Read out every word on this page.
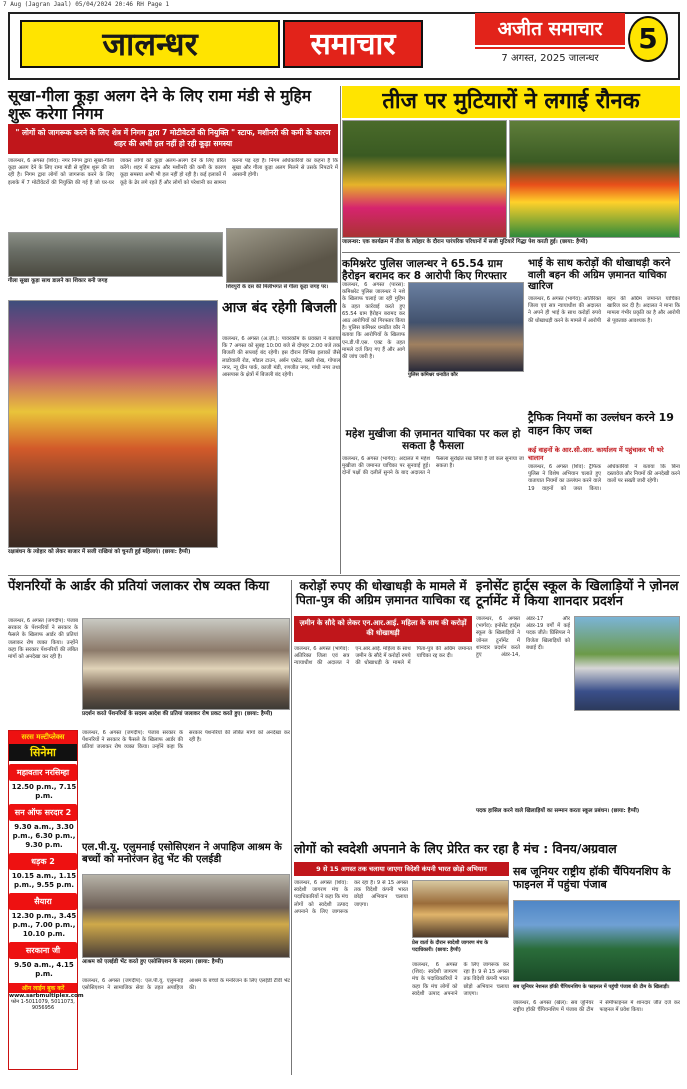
7 Aug (Jagran Jaal) 05/04/2024 20:46 RH Page 1
जालन्धर	समाचार	अजीत समाचार
7 अगस्त, 2025 जालन्धर
5
सूखा-गीला कूड़ा अलग देने के लिए रामा मंडी से मुहिम शुरू करेगा निगम
" लोगों को जागरूक करने के लिए शेत्र में निगम द्वारा 7 मोटीवेटरों की नियुक्ति " स्टाफ, मशीनरी की कमी के कारण शहर की अभी हल नहीं हो रही कूड़ा समस्या
जालन्धर, 6 अगस्त (शिव): नगर निगम द्वारा सूखा-गीला कूड़ा अलग देने के लिए रामा मंडी से मुहिम शुरू की जा रही है। निगम द्वारा लोगों को जागरूक करने के लिए इलाके में 7 मोटीवेटरों की नियुक्ति की गई है जो घर-घर जाकर लोगों को कूड़ा अलग-अलग देने के लिए प्रेरित करेंगे। शहर में स्टाफ और मशीनरी की कमी के कारण कूड़ा समस्या अभी भी हल नहीं हो रही है। कई इलाकों में कूड़े के ढेर लगे रहते हैं और लोगों को परेशानी का सामना करना पड़ रहा है। निगम अधिकारियों का कहना है कि सूखा और गीला कूड़ा अलग मिलने से उसके निपटारे में आसानी होगी।
गीला सूखा कूड़ा साथ डालने का शिकार बनी जगह
शिवपुरी के दस की मिलीभगत से गीला कूड़ा जगह पर।
तीज पर मुटियारों ने लगाई रौनक
जालन्धर: एक कार्यक्रम में तीज के त्योहार के दौरान पारंपरिक परिधानों में सजी मुटियारें गिद्धा पेश करती हुई। (छाया: हैप्पी)
आज बंद रहेगी बिजली
जालन्धर, 6 अगस्त (अ.ज़ी.): पावरकॉम के प्रवक्ता ने बताया कि 7 अगस्त को सुबह 10:00 बजे से दोपहर 2:00 बजे तक बिजली की सप्लाई बंद रहेगी। इस दौरान विभिन्न इलाकों जैसे लाडोवाली रोड, मॉडल टाउन, अर्बन एस्टेट, बस्ती शेख, गोपाल नगर, न्यू ग्रीन पार्क, काजी मंडी, रणजीत नगर, गांधी नगर तथा आसपास के क्षेत्रों में बिजली बंद रहेगी।
रक्षाबंधन के त्योहार को लेकर बाजार में सजी राखियां को चुनती हुई महिलाएं। (छाया: हैप्पी)
कमिश्नरेट पुलिस जालन्धर ने 65.54 ग्राम हैरोइन बरामद कर 8 आरोपी किए गिरफ्तार
पुलिस कमिश्नर धनप्रीत कौर
जालन्धर, 6 अगस्त (पारस): कमिश्नरेट पुलिस जालन्धर ने नशे के खिलाफ चलाई जा रही मुहिम के तहत कार्रवाई करते हुए 65.54 ग्राम हैरोइन बरामद कर आठ आरोपियों को गिरफ्तार किया है। पुलिस कमिश्नर धनप्रीत कौर ने बताया कि आरोपियों के खिलाफ एन.डी.पी.एस. एक्ट के तहत मामले दर्ज किए गए हैं और आगे की जांच जारी है।
भाई के साथ करोड़ों की धोखाधड़ी करने वाली बहन की अग्रिम ज़मानत याचिका खारिज
जालन्धर, 6 अगस्त (भार्गव): अतिरिक्त जिला एवं सत्र न्यायाधीश की अदालत ने अपने ही भाई के साथ करोड़ों रुपये की धोखाधड़ी करने के मामले में आरोपी बहन की अग्रिम जमानत याचिका खारिज कर दी है। अदालत ने माना कि मामला गंभीर प्रकृति का है और आरोपी से पूछताछ आवश्यक है।
ट्रैफिक नियमों का उल्लंघन करने 19 वाहन किए जब्त
कई वाहनों के आर.सी.आर. कार्यालय में पहुंचाकर भी भरे चालान
जालन्धर, 6 अगस्त (शिव): ट्रैफिक पुलिस ने विशेष अभियान चलाते हुए यातायात नियमों का उल्लंघन करने वाले 19 वाहनों को जब्त किया। अधिकारियों ने बताया कि बिना दस्तावेज और नियमों की अनदेखी करने वालों पर सख्ती जारी रहेगी।
महेश मुखीजा की ज़मानत याचिका पर कल हो सकता है फैसला
जालन्धर, 6 अगस्त (भार्गव): अदालत में महेश मुखीजा की जमानत याचिका पर सुनवाई हुई। दोनों पक्षों की दलीलें सुनने के बाद अदालत ने फैसला सुरक्षित रख लिया है जो कल सुनाया जा सकता है।
पेंशनरियों के आर्डर की प्रतियां जलाकर रोष व्यक्त किया
जालन्धर, 6 अगस्त (जगदीप): पंजाब सरकार के पेंशनरियों ने सरकार के फैसले के खिलाफ आर्डर की प्रतियां जलाकर रोष व्यक्त किया। उन्होंने कहा कि सरकार पेंशनरियों की लंबित मांगों को अनदेखा कर रही है।
प्रदर्शन करते पेंशनरियों के सदस्य आदेश की प्रतियां जलाकर रोष प्रकट करते हुए। (छाया: हैप्पी)
सरस मल्टीप्लेक्स
सिनेमा
महावतार नरसिम्हा
12.50 p.m., 7.15 p.m.
सन ऑफ सरदार 2
9.30 a.m., 3.30 p.m., 6.30 p.m., 9.30 p.m.
धड़क 2
10.15 a.m., 1.15 p.m., 9.55 p.m.
सैयारा
12.30 p.m., 3.45 p.m., 7.00 p.m., 10.10 p.m.
सरकाना जी
9.50 a.m., 4.15 p.m.
ऑन लाईन बुक करें
www.sarbmultiplex.com
फोन 1-5011079, 5011073, 9056956
जालन्धर, 6 अगस्त (जगदीप): पंजाब सरकार के पेंशनरियों ने सरकार के फैसले के खिलाफ आर्डर की प्रतियां जलाकर रोष व्यक्त किया। उन्होंने कहा कि सरकार पेंशनरियों की लंबित मांगों को अनदेखा कर रही है।
एल.पी.यू. एलुमनाई एसोसिएशन ने अपाहिज आश्रम के बच्चों को मनोरंजन हेतु भेंट की एलईडी
आश्रम को एलईडी भेंट करते हुए एसोसिएशन के सदस्य। (छाया: हैप्पी)
जालन्धर, 6 अगस्त (जगदीप): एल.पी.यू. एलुमनाई एसोसिएशन ने सामाजिक सेवा के तहत अपाहिज आश्रम के बच्चों के मनोरंजन के लिए एलईडी टीवी भेंट की।
करोड़ों रुपए की धोखाधड़ी के मामले में पिता-पुत्र की अग्रिम ज़मानत याचिका रद्द
ज़मीन के सौदे को लेकर एन.आर.आई. महिला के साथ की करोड़ों की धोखाधड़ी
जालन्धर, 6 अगस्त (भार्गव): अतिरिक्त जिला एवं सत्र न्यायाधीश की अदालत ने एन.आर.आई. महिला के साथ जमीन के सौदे में करोड़ों रुपये की धोखाधड़ी के मामले में पिता-पुत्र की अग्रिम जमानत याचिका रद्द कर दी।
इनोसेंट हार्ट्स स्कूल के खिलाड़ियों ने ज़ोनल टूर्नामेंट में किया शानदार प्रदर्शन
जालन्धर, 6 अगस्त (भार्गव): इनोसेंट हार्ट्स स्कूल के खिलाड़ियों ने जोनल टूर्नामेंट में शानदार प्रदर्शन करते हुए अंडर-14, अंडर-17 और अंडर-19 वर्गों में कई पदक जीते। प्रिंसिपल ने विजेता खिलाड़ियों को बधाई दी।
पदक हासिल करने वाले खिलाड़ियों का सम्मान करता स्कूल प्रबंधन। (छाया: हैप्पी)
लोगों को स्वदेशी अपनाने के लिए प्रेरित कर रहा है मंच : विनय/अग्रवाल
9 से 15 अगस्त तक चलाया जाएगा विदेशी कंपनी भारत छोड़ो अभियान
जालन्धर, 6 अगस्त (शिव): स्वदेशी जागरण मंच के पदाधिकारियों ने कहा कि मंच लोगों को स्वदेशी उत्पाद अपनाने के लिए जागरूक कर रहा है। 9 से 15 अगस्त तक विदेशी कंपनी भारत छोड़ो अभियान चलाया जाएगा।
प्रेस वार्ता के दौरान स्वदेशी जागरण मंच के पदाधिकारी। (छाया: हैप्पी)
जालन्धर, 6 अगस्त (शिव): स्वदेशी जागरण मंच के पदाधिकारियों ने कहा कि मंच लोगों को स्वदेशी उत्पाद अपनाने के लिए जागरूक कर रहा है। 9 से 15 अगस्त तक विदेशी कंपनी भारत छोड़ो अभियान चलाया जाएगा।
सब जूनियर राष्ट्रीय हॉकी चैंपियनशिप के फाइनल में पहुंचा पंजाब
सब जूनियर नेशनल हॉकी चैंपियनशिप के फाइनल में पहुंची पंजाब की टीम के खिलाड़ी।
जालन्धर, 6 अगस्त (खेल): सब जूनियर राष्ट्रीय हॉकी चैंपियनशिप में पंजाब की टीम ने सेमीफाइनल में शानदार जीत दर्ज कर फाइनल में प्रवेश किया।
